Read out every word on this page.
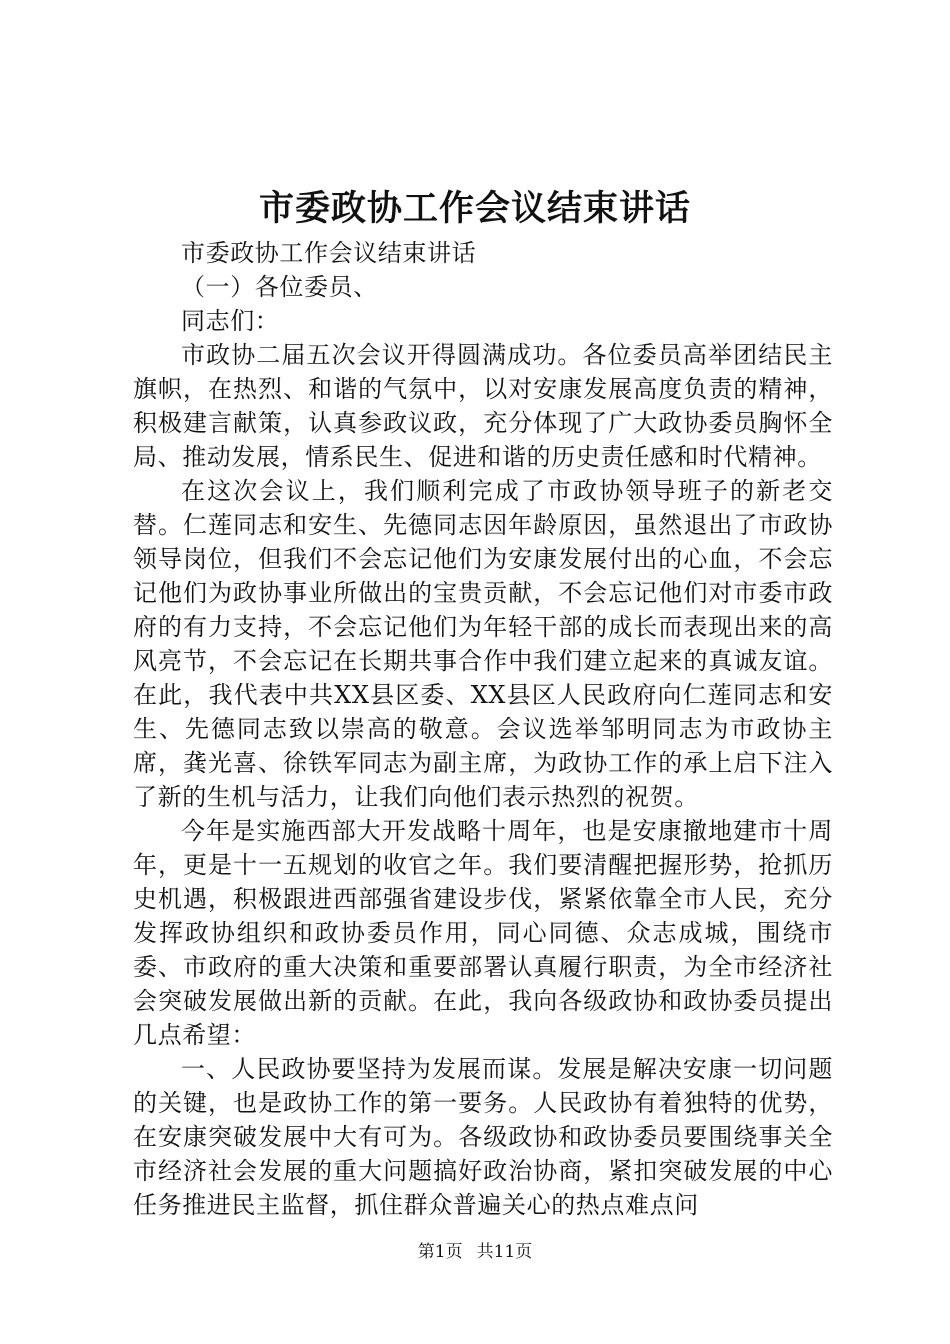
市委政协工作会议结束讲话

市委政协工作会议结束讲话

（一）各位委员、

同志们：

市政协二届五次会议开得圆满成功。各位委员高举团结民主旗帜，在热烈、和谐的气氛中，以对安康发展高度负责的精神，积极建言献策，认真参政议政，充分体现了广大政协委员胸怀全局、推动发展，情系民生、促进和谐的历史责任感和时代精神。

在这次会议上，我们顺利完成了市政协领导班子的新老交替。仁莲同志和安生、先德同志因年龄原因，虽然退出了市政协领导岗位，但我们不会忘记他们为安康发展付出的心血，不会忘记他们为政协事业所做出的宝贵贡献，不会忘记他们对市委市政府的有力支持，不会忘记他们为年轻干部的成长而表现出来的高风亮节，不会忘记在长期共事合作中我们建立起来的真诚友谊。在此，我代表中共XX县区委、XX县区人民政府向仁莲同志和安生、先德同志致以崇高的敬意。会议选举邹明同志为市政协主席，龚光喜、徐铁军同志为副主席，为政协工作的承上启下注入了新的生机与活力，让我们向他们表示热烈的祝贺。

今年是实施西部大开发战略十周年，也是安康撤地建市十周年，更是十一五规划的收官之年。我们要清醒把握形势，抢抓历史机遇，积极跟进西部强省建设步伐，紧紧依靠全市人民，充分发挥政协组织和政协委员作用，同心同德、众志成城，围绕市委、市政府的重大决策和重要部署认真履行职责，为全市经济社会突破发展做出新的贡献。在此，我向各级政协和政协委员提出几点希望：

一、人民政协要坚持为发展而谋。发展是解决安康一切问题的关键，也是政协工作的第一要务。人民政协有着独特的优势，在安康突破发展中大有可为。各级政协和政协委员要围绕事关全市经济社会发展的重大问题搞好政治协商，紧扣突破发展的中心任务推进民主监督，抓住群众普遍关心的热点难点问

第1页 共11页
